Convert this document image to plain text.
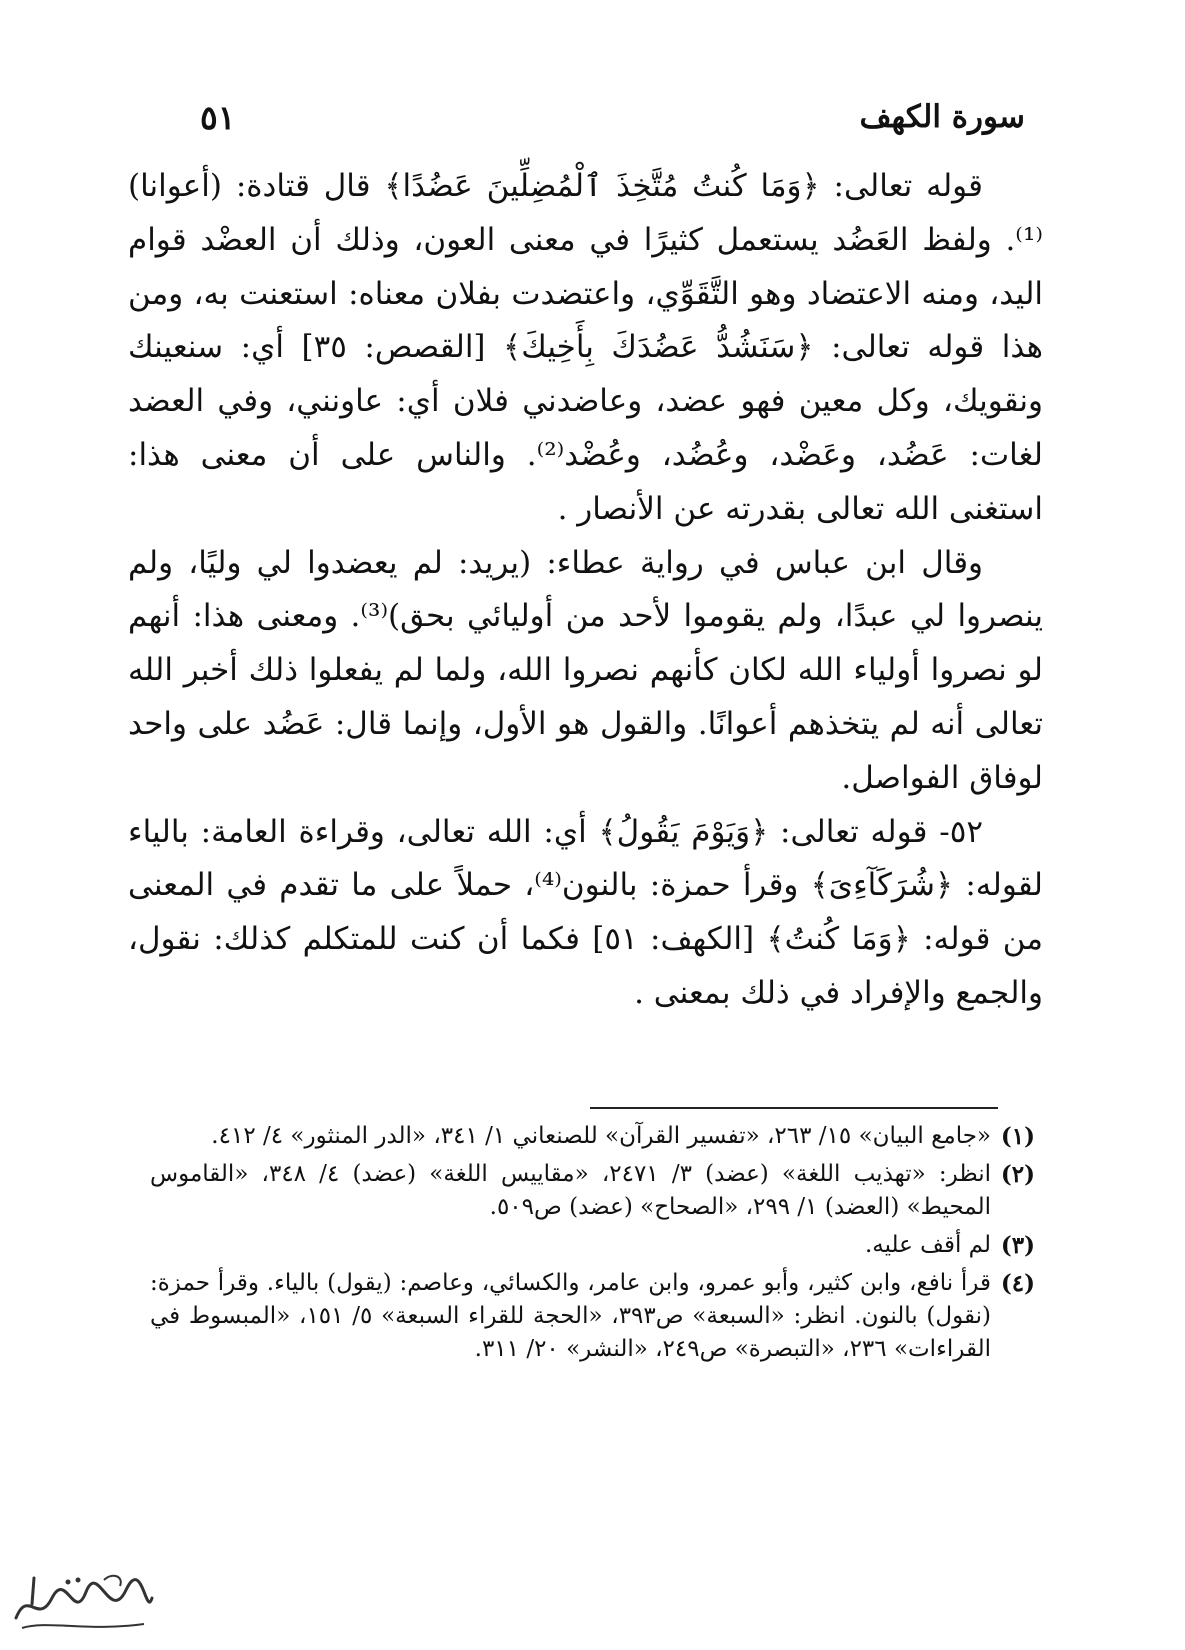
سورة الكهف
٥١

قوله تعالى: ﴿وَمَا كُنتُ مُتَّخِذَ ٱلْمُضِلِّينَ عَضُدًا﴾ قال قتادة: (أعوانا)⁽¹⁾. ولفظ العَضُد يستعمل كثيرًا في معنى العون، وذلك أن العضْد قوام اليد، ومنه الاعتضاد وهو التَّقَوِّي، واعتضدت بفلان معناه: استعنت به، ومن هذا قوله تعالى: ﴿سَنَشُدُّ عَضُدَكَ بِأَخِيكَ﴾ [القصص: ٣٥] أي: سنعينك ونقويك، وكل معين فهو عضد، وعاضدني فلان أي: عاونني، وفي العضد لغات: عَضُد، وعَضْد، وعُضُد، وعُضْد⁽²⁾. والناس على أن معنى هذا: استغنى الله تعالى بقدرته عن الأنصار .

وقال ابن عباس في رواية عطاء: (يريد: لم يعضدوا لي وليًا، ولم ينصروا لي عبدًا، ولم يقوموا لأحد من أوليائي بحق)⁽³⁾. ومعنى هذا: أنهم لو نصروا أولياء الله لكان كأنهم نصروا الله، ولما لم يفعلوا ذلك أخبر الله تعالى أنه لم يتخذهم أعوانًا. والقول هو الأول، وإنما قال: عَضُد على واحد لوفاق الفواصل.

٥٢- قوله تعالى: ﴿وَيَوْمَ يَقُولُ﴾ أي: الله تعالى، وقراءة العامة: بالياء لقوله: ﴿شُرَكَآءِىَ﴾ وقرأ حمزة: بالنون⁽⁴⁾، حملاً على ما تقدم في المعنى من قوله: ﴿وَمَا كُنتُ﴾ [الكهف: ٥١] فكما أن كنت للمتكلم كذلك: نقول، والجمع والإفراد في ذلك بمعنى .

(١)
«جامع البيان» ١٥/ ٢٦٣، «تفسير القرآن» للصنعاني ١/ ٣٤١، «الدر المنثور» ٤/ ٤١٢.
(٢)
انظر: «تهذيب اللغة» (عضد) ٣/ ٢٤٧١، «مقاييس اللغة» (عضد) ٤/ ٣٤٨، «القاموس المحيط» (العضد) ١/ ٢٩٩، «الصحاح» (عضد) ص٥٠٩.
(٣)
لم أقف عليه.
(٤)
قرأ نافع، وابن كثير، وأبو عمرو، وابن عامر، والكسائي، وعاصم: (يقول) بالياء. وقرأ حمزة: (نقول) بالنون. انظر: «السبعة» ص٣٩٣، «الحجة للقراء السبعة» ٥/ ١٥١، «المبسوط في القراءات» ٢٣٦، «التبصرة» ص٢٤٩، «النشر» ٢٠/ ٣١١.
